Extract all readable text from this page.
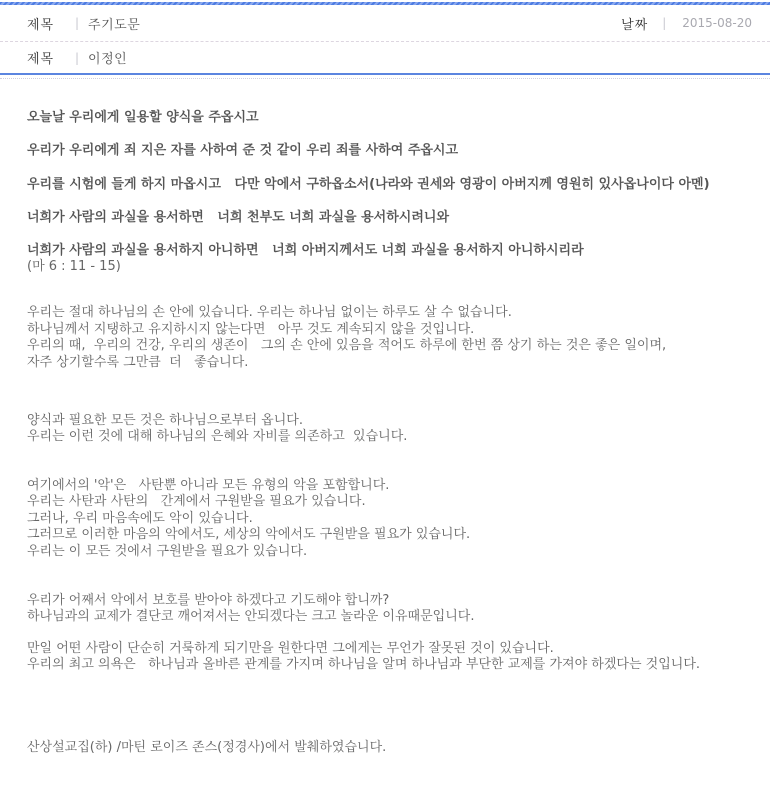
제목	| 주기도문	날짜 | 2015-08-20
제목	| 이정인
오늘날 우리에게 일용할 양식을 주옵시고
우리가 우리에게 죄 지은 자를 사하여 준 것 같이 우리 죄를 사하여 주옵시고
우리를 시험에 들게 하지 마옵시고   다만 악에서 구하옵소서(나라와 권세와 영광이 아버지께 영원히 있사옵나이다 아멘)
너희가 사람의 과실을 용서하면   너희 천부도 너희 과실을 용서하시려니와
너희가 사람의 과실을 용서하지 아니하면   너희 아버지께서도 너희 과실을 용서하지 아니하시리라
(마 6 : 11 - 15)
우리는 절대 하나님의 손 안에 있습니다. 우리는 하나님 없이는 하루도 살 수 없습니다.
하나님께서 지탱하고 유지하시지 않는다면   아무 것도 계속되지 않을 것입니다.
우리의 때,  우리의 건강, 우리의 생존이   그의 손 안에 있음을 적어도 하루에 한번 쯤 상기 하는 것은 좋은 일이며,
자주 상기할수록 그만큼  더   좋습니다.
양식과 필요한 모든 것은 하나님으로부터 옵니다.
우리는 이런 것에 대해 하나님의 은혜와 자비를 의존하고  있습니다.
여기에서의 '악'은   사탄뿐 아니라 모든 유형의 악을 포함합니다.
우리는 사탄과 사탄의   간계에서 구원받을 필요가 있습니다.
그러나, 우리 마음속에도 악이 있습니다.
그러므로 이러한 마음의 악에서도, 세상의 악에서도 구원받을 필요가 있습니다.
우리는 이 모든 것에서 구원받을 필요가 있습니다.
우리가 어째서 악에서 보호를 받아야 하겠다고 기도해야 합니까?
하나님과의 교제가 결단코 깨어져서는 안되겠다는 크고 놀라운 이유때문입니다.
만일 어떤 사람이 단순히 거룩하게 되기만을 원한다면 그에게는 무언가 잘못된 것이 있습니다.
우리의 최고 의욕은   하나님과 올바른 관계를 가지며 하나님을 알며 하나님과 부단한 교제를 가져야 하겠다는 것입니다.
산상설교집(하) /마틴 로이즈 존스(정경사)에서 발췌하였습니다.
